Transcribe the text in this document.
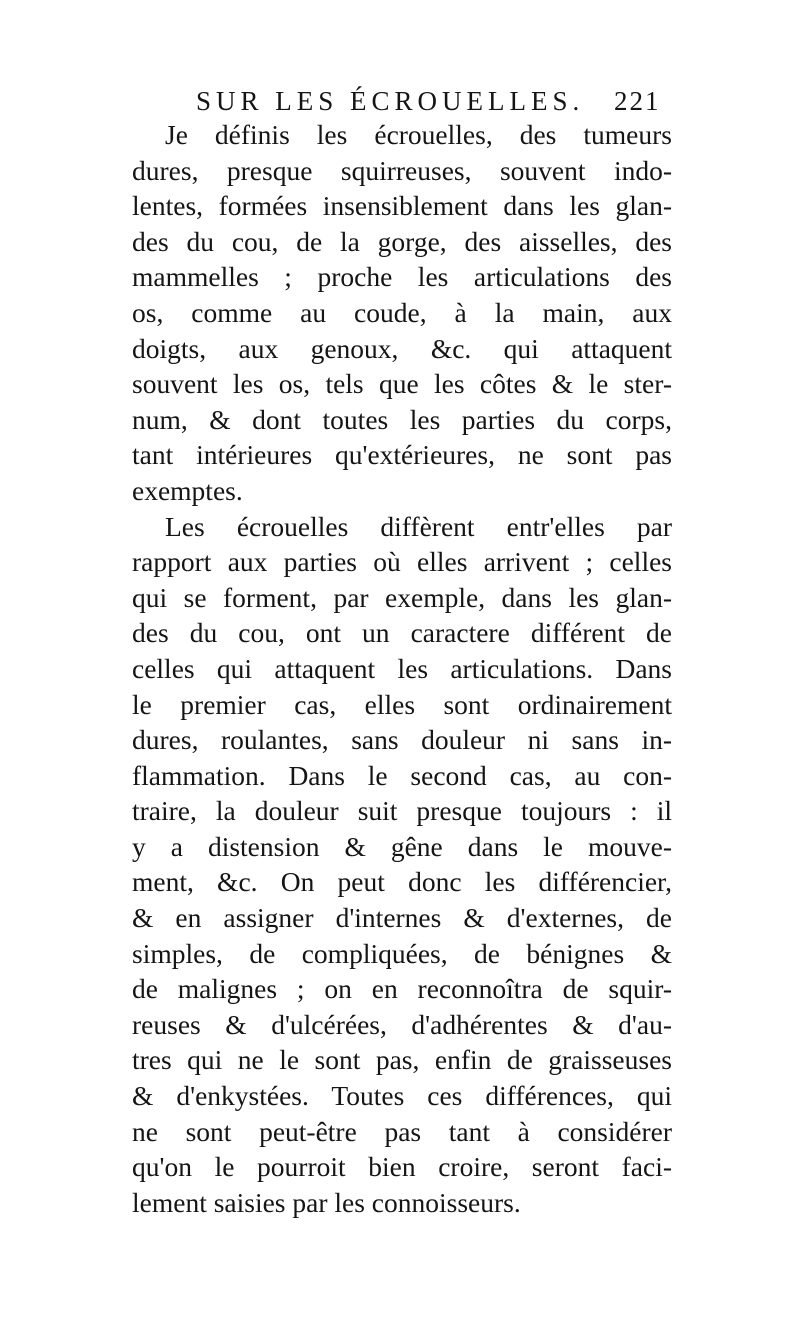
SUR LES ÉCROUELLES. 221
Je définis les écrouelles, des tumeurs
dures, presque squirreuses, souvent indo-
lentes, formées insensiblement dans les glan-
des du cou, de la gorge, des aisselles, des
mammelles ; proche les articulations des
os, comme au coude, à la main, aux
doigts, aux genoux, &c. qui attaquent
souvent les os, tels que les côtes & le ster-
num, & dont toutes les parties du corps,
tant intérieures qu'extérieures, ne sont pas
exemptes.
Les écrouelles diffèrent entr'elles par
rapport aux parties où elles arrivent ; celles
qui se forment, par exemple, dans les glan-
des du cou, ont un caractere différent de
celles qui attaquent les articulations. Dans
le premier cas, elles sont ordinairement
dures, roulantes, sans douleur ni sans in-
flammation. Dans le second cas, au con-
traire, la douleur suit presque toujours : il
y a distension & gêne dans le mouve-
ment, &c. On peut donc les différencier,
& en assigner d'internes & d'externes, de
simples, de compliquées, de bénignes &
de malignes ; on en reconnoîtra de squir-
reuses & d'ulcérées, d'adhérentes & d'au-
tres qui ne le sont pas, enfin de graisseuses
& d'enkystées. Toutes ces différences, qui
ne sont peut-être pas tant à considérer
qu'on le pourroit bien croire, seront faci-
lement saisies par les connoisseurs.
